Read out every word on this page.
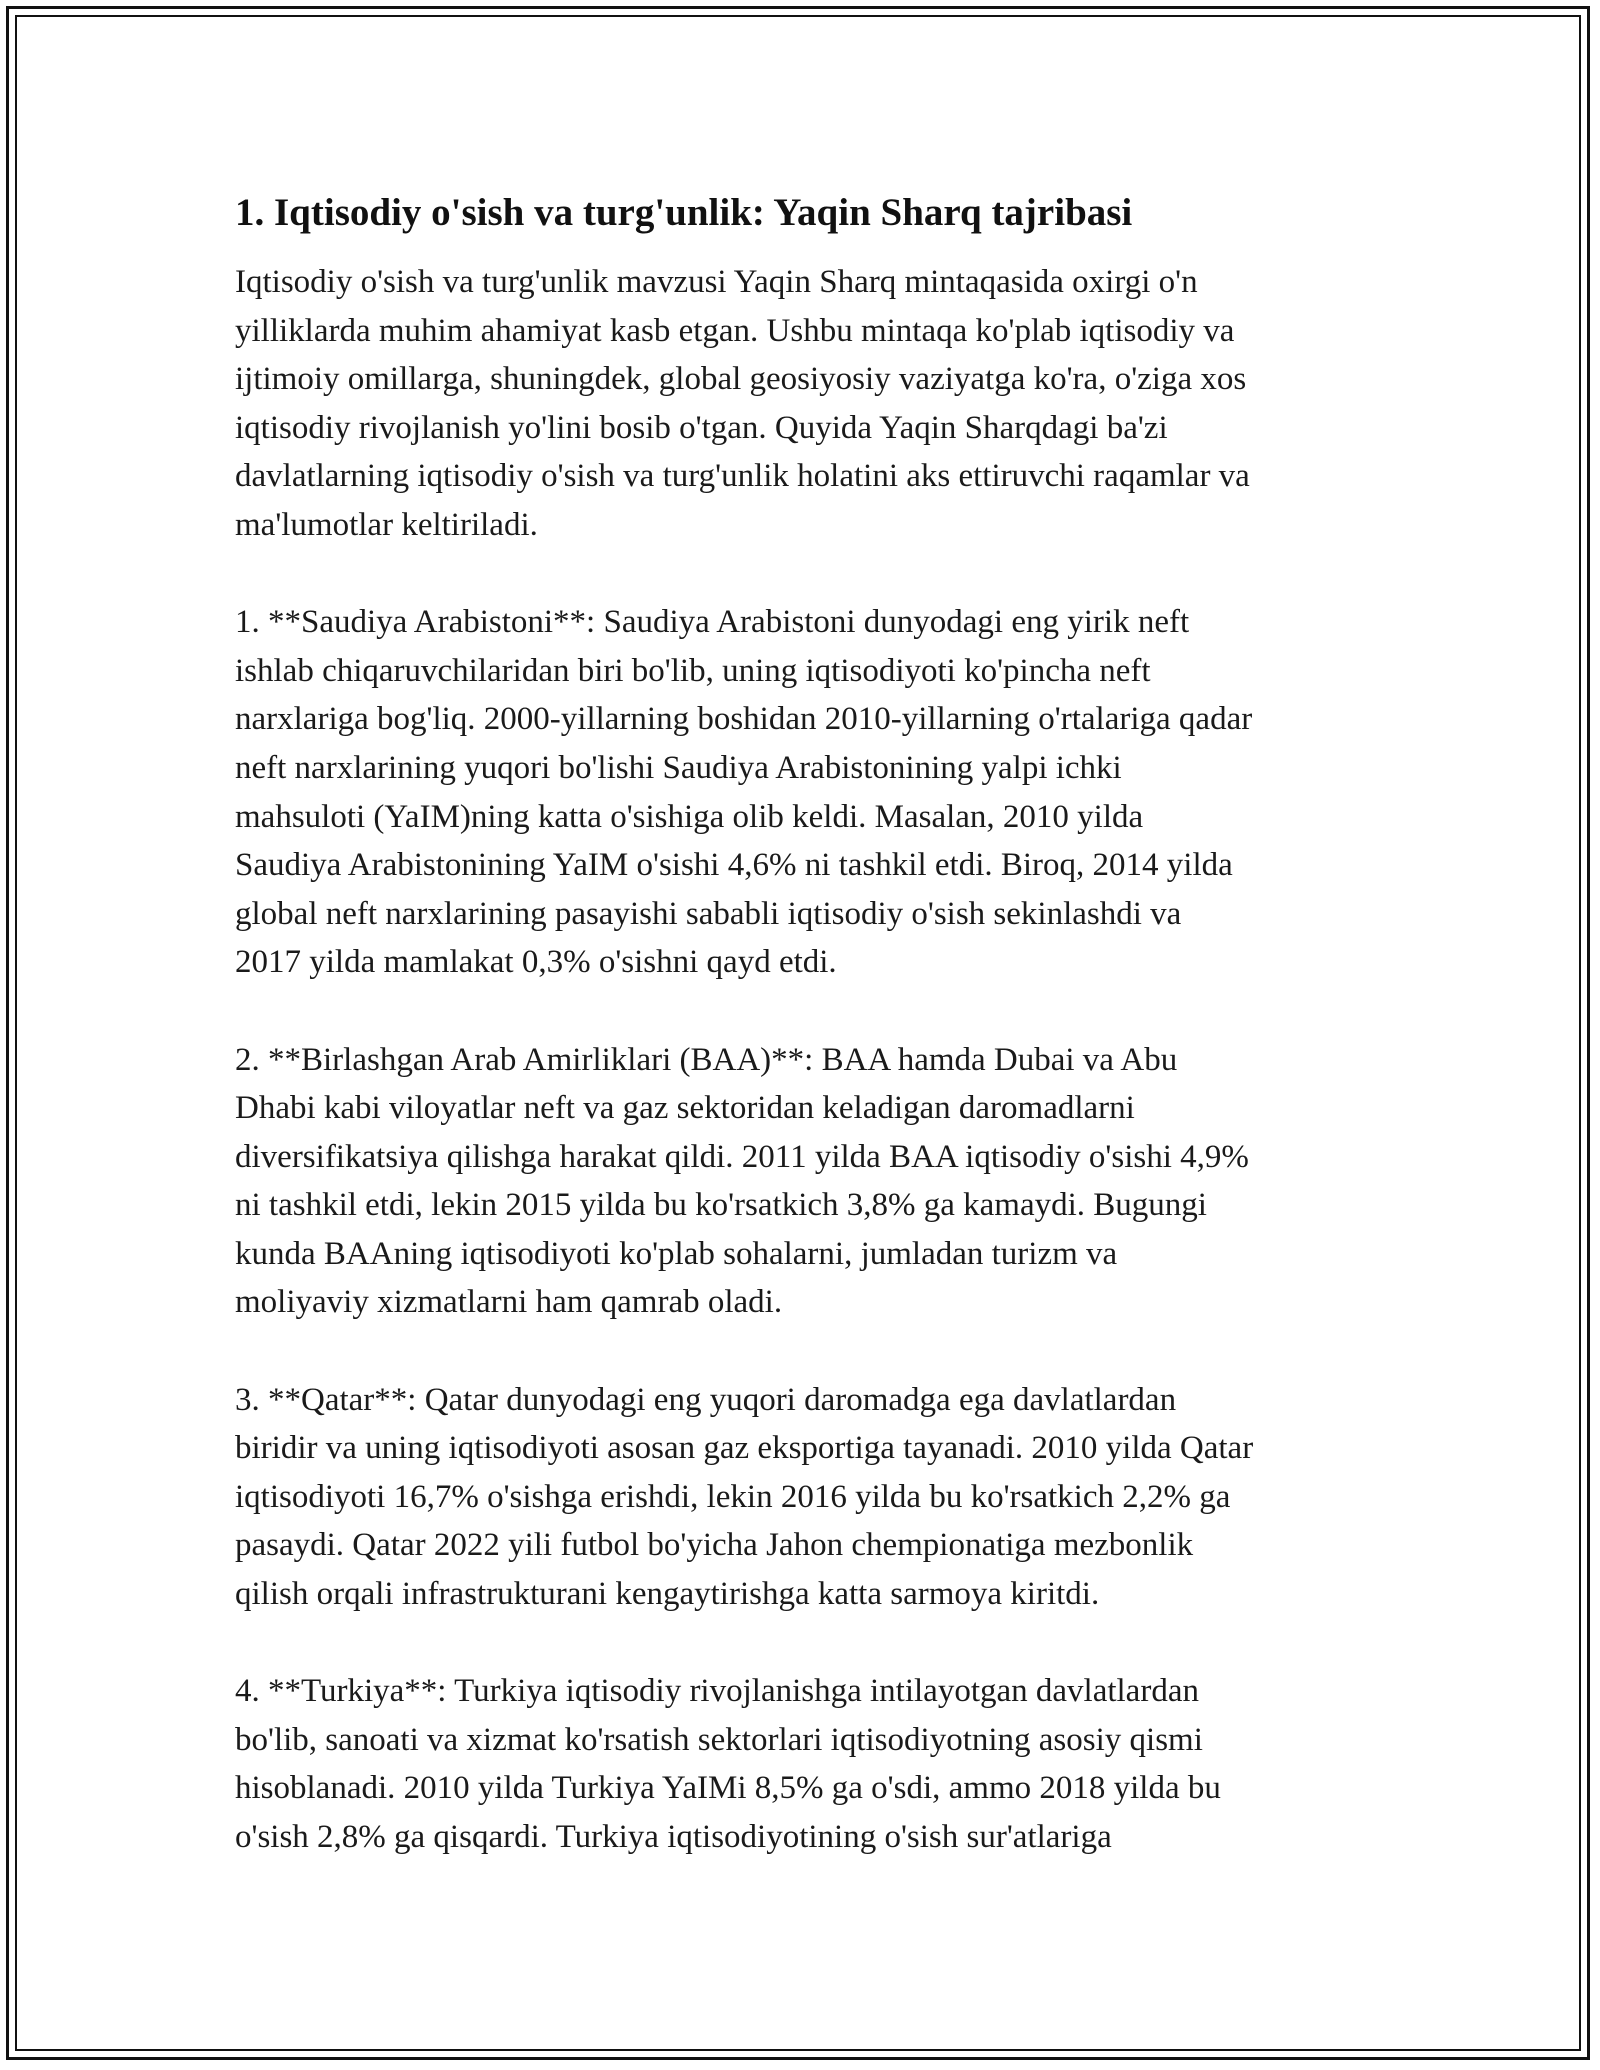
1. Iqtisodiy o'sish va turg'unlik: Yaqin Sharq tajribasi
Iqtisodiy o'sish va turg'unlik mavzusi Yaqin Sharq mintaqasida oxirgi o'n
yilliklarda muhim ahamiyat kasb etgan. Ushbu mintaqa ko'plab iqtisodiy va
ijtimoiy omillarga, shuningdek, global geosiyosiy vaziyatga ko'ra, o'ziga xos
iqtisodiy rivojlanish yo'lini bosib o'tgan. Quyida Yaqin Sharqdagi ba'zi
davlatlarning iqtisodiy o'sish va turg'unlik holatini aks ettiruvchi raqamlar va
ma'lumotlar keltiriladi.
1. **Saudiya Arabistoni**: Saudiya Arabistoni dunyodagi eng yirik neft
ishlab chiqaruvchilaridan biri bo'lib, uning iqtisodiyoti ko'pincha neft
narxlariga bog'liq. 2000-yillarning boshidan 2010-yillarning o'rtalariga qadar
neft narxlarining yuqori bo'lishi Saudiya Arabistonining yalpi ichki
mahsuloti (YaIM)ning katta o'sishiga olib keldi. Masalan, 2010 yilda
Saudiya Arabistonining YaIM o'sishi 4,6% ni tashkil etdi. Biroq, 2014 yilda
global neft narxlarining pasayishi sababli iqtisodiy o'sish sekinlashdi va
2017 yilda mamlakat 0,3% o'sishni qayd etdi.
2. **Birlashgan Arab Amirliklari (BAA)**: BAA hamda Dubai va Abu
Dhabi kabi viloyatlar neft va gaz sektoridan keladigan daromadlarni
diversifikatsiya qilishga harakat qildi. 2011 yilda BAA iqtisodiy o'sishi 4,9%
ni tashkil etdi, lekin 2015 yilda bu ko'rsatkich 3,8% ga kamaydi. Bugungi
kunda BAAning iqtisodiyoti ko'plab sohalarni, jumladan turizm va
moliyaviy xizmatlarni ham qamrab oladi.
3. **Qatar**: Qatar dunyodagi eng yuqori daromadga ega davlatlardan
biridir va uning iqtisodiyoti asosan gaz eksportiga tayanadi. 2010 yilda Qatar
iqtisodiyoti 16,7% o'sishga erishdi, lekin 2016 yilda bu ko'rsatkich 2,2% ga
pasaydi. Qatar 2022 yili futbol bo'yicha Jahon chempionatiga mezbonlik
qilish orqali infrastrukturani kengaytirishga katta sarmoya kiritdi.
4. **Turkiya**: Turkiya iqtisodiy rivojlanishga intilayotgan davlatlardan
bo'lib, sanoati va xizmat ko'rsatish sektorlari iqtisodiyotning asosiy qismi
hisoblanadi. 2010 yilda Turkiya YaIMi 8,5% ga o'sdi, ammo 2018 yilda bu
o'sish 2,8% ga qisqardi. Turkiya iqtisodiyotining o'sish sur'atlariga
